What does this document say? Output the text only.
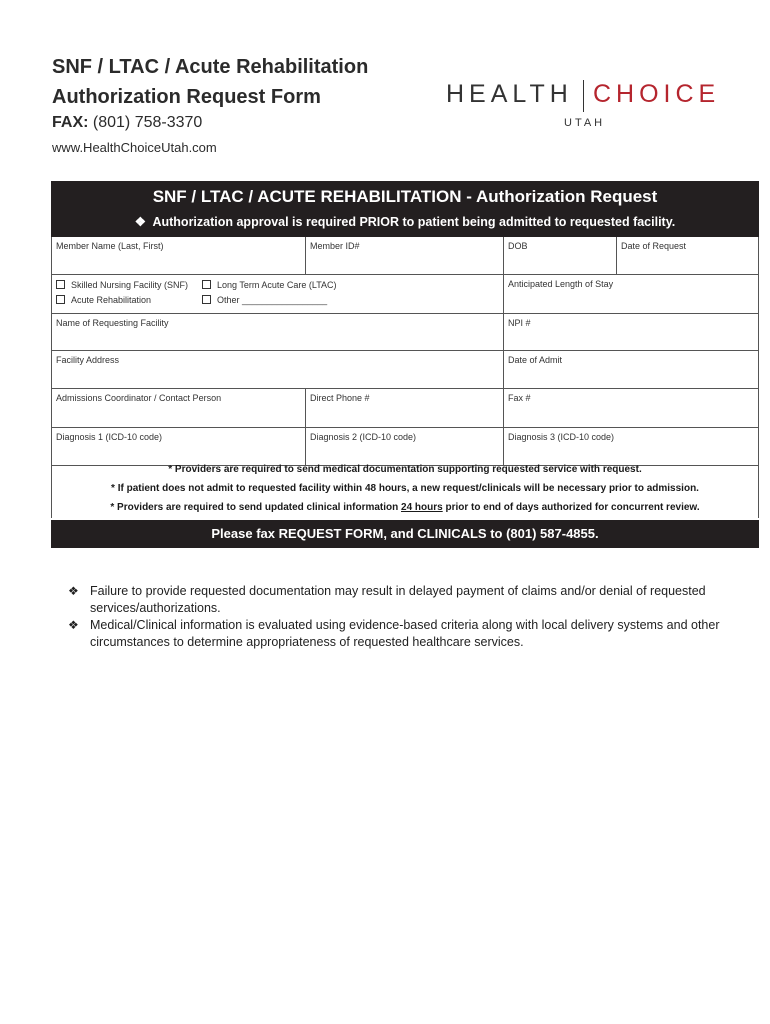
SNF / LTAC / Acute Rehabilitation
Authorization Request Form
FAX: (801) 758-3370
www.HealthChoiceUtah.com
HEALTH CHOICE
UTAH
SNF / LTAC / ACUTE REHABILITATION - Authorization Request
❖ Authorization approval is required PRIOR to patient being admitted to requested facility.
Member Name (Last, First)	Member ID#	DOB	Date of Request
Skilled Nursing Facility (SNF)
Acute Rehabilitation
Long Term Acute Care (LTAC)
Other _________________
Anticipated Length of Stay
Name of Requesting Facility	NPI #
Facility Address	Date of Admit
Admissions Coordinator / Contact Person	Direct Phone #	Fax #
Diagnosis 1 (ICD-10 code)	Diagnosis 2 (ICD-10 code)	Diagnosis 3 (ICD-10 code)
* Providers are required to send medical documentation supporting requested service with request.
* If patient does not admit to requested facility within 48 hours, a new request/clinicals will be necessary prior to admission.
* Providers are required to send updated clinical information 24 hours prior to end of days authorized for concurrent review.
Please fax REQUEST FORM, and CLINICALS to (801) 587-4855.
❖ Failure to provide requested documentation may result in delayed payment of claims and/or denial of requested services/authorizations.
❖ Medical/Clinical information is evaluated using evidence-based criteria along with local delivery systems and other circumstances to determine appropriateness of requested healthcare services.
